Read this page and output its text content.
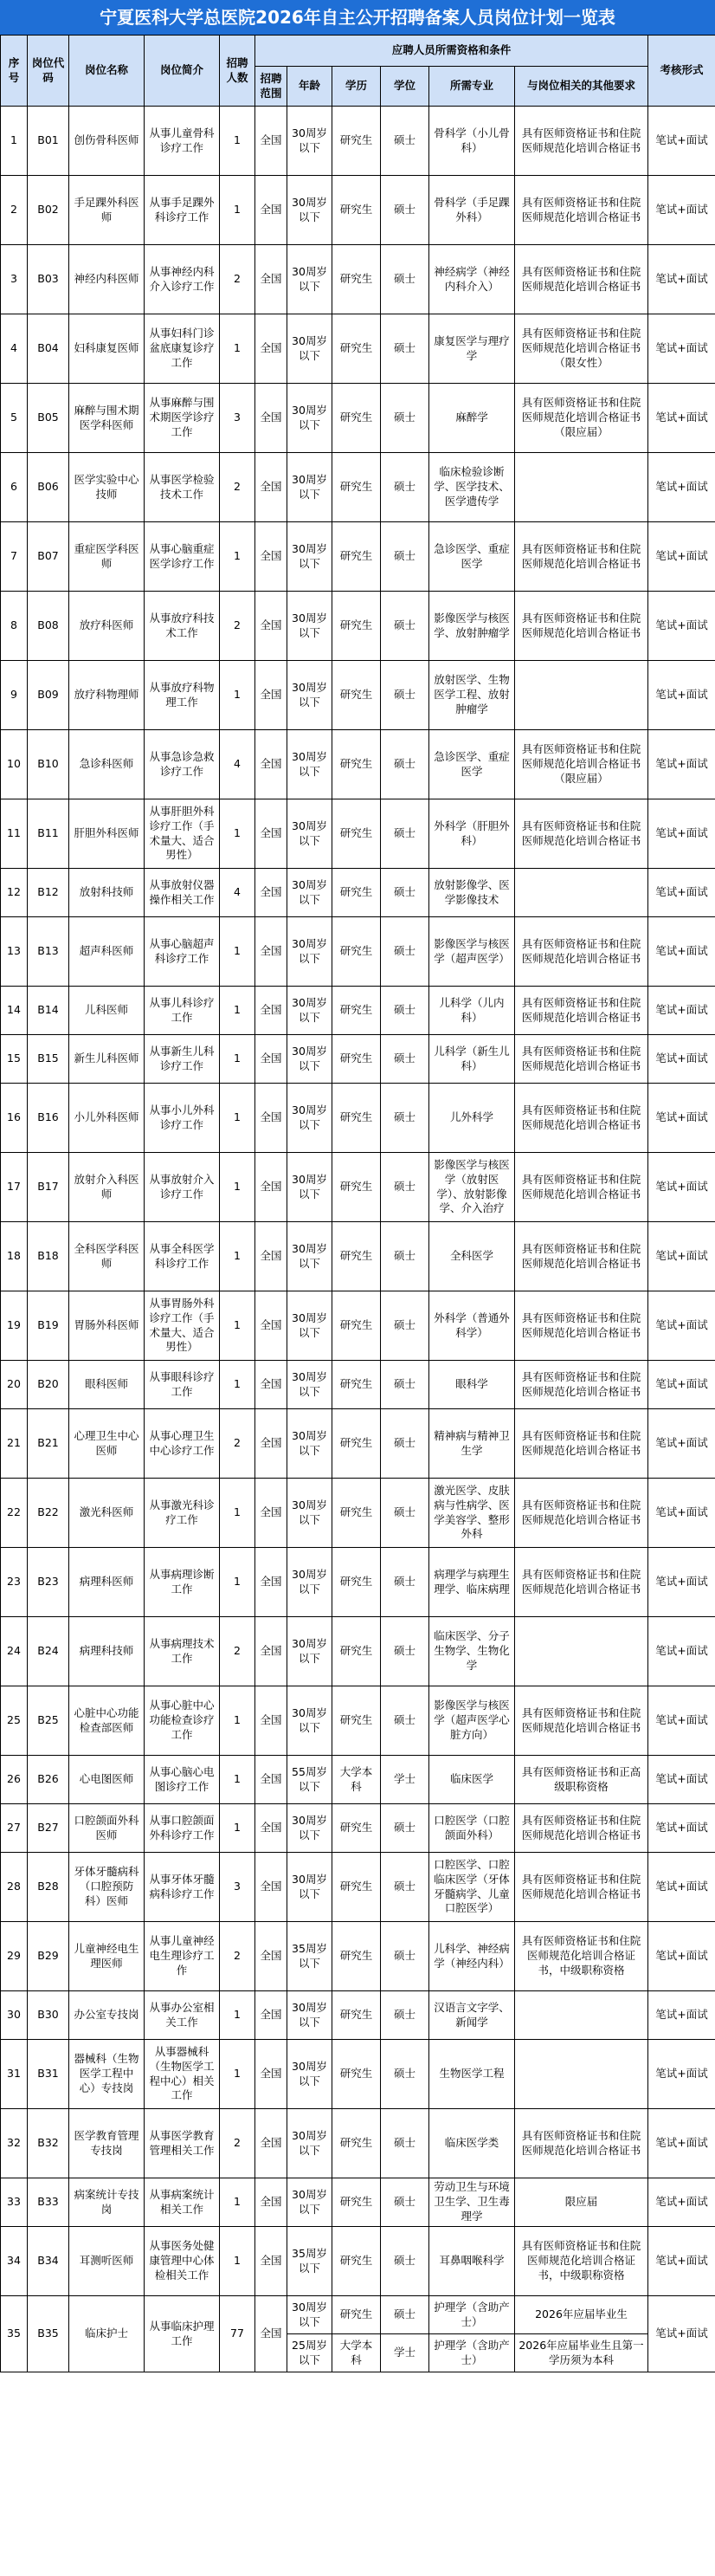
宁夏医科大学总医院2026年自主公开招聘备案人员岗位计划一览表
序号	岗位代码	岗位名称	岗位简介	招聘人数	应聘人员所需资格和条件						考核形式
					招聘范围	年龄	学历	学位	所需专业	与岗位相关的其他要求	
1	B01	创伤骨科医师	从事儿童骨科诊疗工作	1	全国	30周岁以下	研究生	硕士	骨科学（小儿骨科）	具有医师资格证书和住院医师规范化培训合格证书	笔试+面试
2	B02	手足踝外科医师	从事手足踝外科诊疗工作	1	全国	30周岁以下	研究生	硕士	骨科学（手足踝外科）	具有医师资格证书和住院医师规范化培训合格证书	笔试+面试
3	B03	神经内科医师	从事神经内科介入诊疗工作	2	全国	30周岁以下	研究生	硕士	神经病学（神经内科介入）	具有医师资格证书和住院医师规范化培训合格证书	笔试+面试
4	B04	妇科康复医师	从事妇科门诊盆底康复诊疗工作	1	全国	30周岁以下	研究生	硕士	康复医学与理疗学	具有医师资格证书和住院医师规范化培训合格证书（限女性）	笔试+面试
5	B05	麻醉与围术期医学科医师	从事麻醉与围术期医学诊疗工作	3	全国	30周岁以下	研究生	硕士	麻醉学	具有医师资格证书和住院医师规范化培训合格证书（限应届）	笔试+面试
6	B06	医学实验中心技师	从事医学检验技术工作	2	全国	30周岁以下	研究生	硕士	临床检验诊断学、医学技术、医学遗传学		笔试+面试
7	B07	重症医学科医师	从事心脑重症医学诊疗工作	1	全国	30周岁以下	研究生	硕士	急诊医学、重症医学	具有医师资格证书和住院医师规范化培训合格证书	笔试+面试
8	B08	放疗科医师	从事放疗科技术工作	2	全国	30周岁以下	研究生	硕士	影像医学与核医学、放射肿瘤学	具有医师资格证书和住院医师规范化培训合格证书	笔试+面试
9	B09	放疗科物理师	从事放疗科物理工作	1	全国	30周岁以下	研究生	硕士	放射医学、生物医学工程、放射肿瘤学		笔试+面试
10	B10	急诊科医师	从事急诊急救诊疗工作	4	全国	30周岁以下	研究生	硕士	急诊医学、重症医学	具有医师资格证书和住院医师规范化培训合格证书（限应届）	笔试+面试
11	B11	肝胆外科医师	从事肝胆外科诊疗工作（手术量大、适合男性）	1	全国	30周岁以下	研究生	硕士	外科学（肝胆外科）	具有医师资格证书和住院医师规范化培训合格证书	笔试+面试
12	B12	放射科技师	从事放射仪器操作相关工作	4	全国	30周岁以下	研究生	硕士	放射影像学、医学影像技术		笔试+面试
13	B13	超声科医师	从事心脑超声科诊疗工作	1	全国	30周岁以下	研究生	硕士	影像医学与核医学（超声医学）	具有医师资格证书和住院医师规范化培训合格证书	笔试+面试
14	B14	儿科医师	从事儿科诊疗工作	1	全国	30周岁以下	研究生	硕士	儿科学（儿内科）	具有医师资格证书和住院医师规范化培训合格证书	笔试+面试
15	B15	新生儿科医师	从事新生儿科诊疗工作	1	全国	30周岁以下	研究生	硕士	儿科学（新生儿科）	具有医师资格证书和住院医师规范化培训合格证书	笔试+面试
16	B16	小儿外科医师	从事小儿外科诊疗工作	1	全国	30周岁以下	研究生	硕士	儿外科学	具有医师资格证书和住院医师规范化培训合格证书	笔试+面试
17	B17	放射介入科医师	从事放射介入诊疗工作	1	全国	30周岁以下	研究生	硕士	影像医学与核医学（放射医学）、放射影像学、介入治疗	具有医师资格证书和住院医师规范化培训合格证书	笔试+面试
18	B18	全科医学科医师	从事全科医学科诊疗工作	1	全国	30周岁以下	研究生	硕士	全科医学	具有医师资格证书和住院医师规范化培训合格证书	笔试+面试
19	B19	胃肠外科医师	从事胃肠外科诊疗工作（手术量大、适合男性）	1	全国	30周岁以下	研究生	硕士	外科学（普通外科学）	具有医师资格证书和住院医师规范化培训合格证书	笔试+面试
20	B20	眼科医师	从事眼科诊疗工作	1	全国	30周岁以下	研究生	硕士	眼科学	具有医师资格证书和住院医师规范化培训合格证书	笔试+面试
21	B21	心理卫生中心医师	从事心理卫生中心诊疗工作	2	全国	30周岁以下	研究生	硕士	精神病与精神卫生学	具有医师资格证书和住院医师规范化培训合格证书	笔试+面试
22	B22	激光科医师	从事激光科诊疗工作	1	全国	30周岁以下	研究生	硕士	激光医学、皮肤病与性病学、医学美容学、整形外科	具有医师资格证书和住院医师规范化培训合格证书	笔试+面试
23	B23	病理科医师	从事病理诊断工作	1	全国	30周岁以下	研究生	硕士	病理学与病理生理学、临床病理	具有医师资格证书和住院医师规范化培训合格证书	笔试+面试
24	B24	病理科技师	从事病理技术工作	2	全国	30周岁以下	研究生	硕士	临床医学、分子生物学、生物化学		笔试+面试
25	B25	心脏中心功能检查部医师	从事心脏中心功能检查诊疗工作	1	全国	30周岁以下	研究生	硕士	影像医学与核医学（超声医学心脏方向）	具有医师资格证书和住院医师规范化培训合格证书	笔试+面试
26	B26	心电图医师	从事心脑心电图诊疗工作	1	全国	55周岁以下	大学本科	学士	临床医学	具有医师资格证书和正高级职称资格	笔试+面试
27	B27	口腔颌面外科医师	从事口腔颌面外科诊疗工作	1	全国	30周岁以下	研究生	硕士	口腔医学（口腔颌面外科）	具有医师资格证书和住院医师规范化培训合格证书	笔试+面试
28	B28	牙体牙髓病科（口腔预防科）医师	从事牙体牙髓病科诊疗工作	3	全国	30周岁以下	研究生	硕士	口腔医学、口腔临床医学（牙体牙髓病学、儿童口腔医学）	具有医师资格证书和住院医师规范化培训合格证书	笔试+面试
29	B29	儿童神经电生理医师	从事儿童神经电生理诊疗工作	2	全国	35周岁以下	研究生	硕士	儿科学、神经病学（神经内科）	具有医师资格证书和住院医师规范化培训合格证书，中级职称资格	笔试+面试
30	B30	办公室专技岗	从事办公室相关工作	1	全国	30周岁以下	研究生	硕士	汉语言文字学、新闻学		笔试+面试
31	B31	器械科（生物医学工程中心）专技岗	从事器械科（生物医学工程中心）相关工作	1	全国	30周岁以下	研究生	硕士	生物医学工程		笔试+面试
32	B32	医学教育管理专技岗	从事医学教育管理相关工作	2	全国	30周岁以下	研究生	硕士	临床医学类	具有医师资格证书和住院医师规范化培训合格证书	笔试+面试
33	B33	病案统计专技岗	从事病案统计相关工作	1	全国	30周岁以下	研究生	硕士	劳动卫生与环境卫生学、卫生毒理学	限应届	笔试+面试
34	B34	耳测听医师	从事医务处健康管理中心体检相关工作	1	全国	35周岁以下	研究生	硕士	耳鼻咽喉科学	具有医师资格证书和住院医师规范化培训合格证书，中级职称资格	笔试+面试
35	B35	临床护士	从事临床护理工作	77	全国	30周岁以下	研究生	硕士	护理学（含助产士）	2026年应届毕业生	笔试+面试
						25周岁以下	大学本科	学士	护理学（含助产士）	2026年应届毕业生且第一学历须为本科	
